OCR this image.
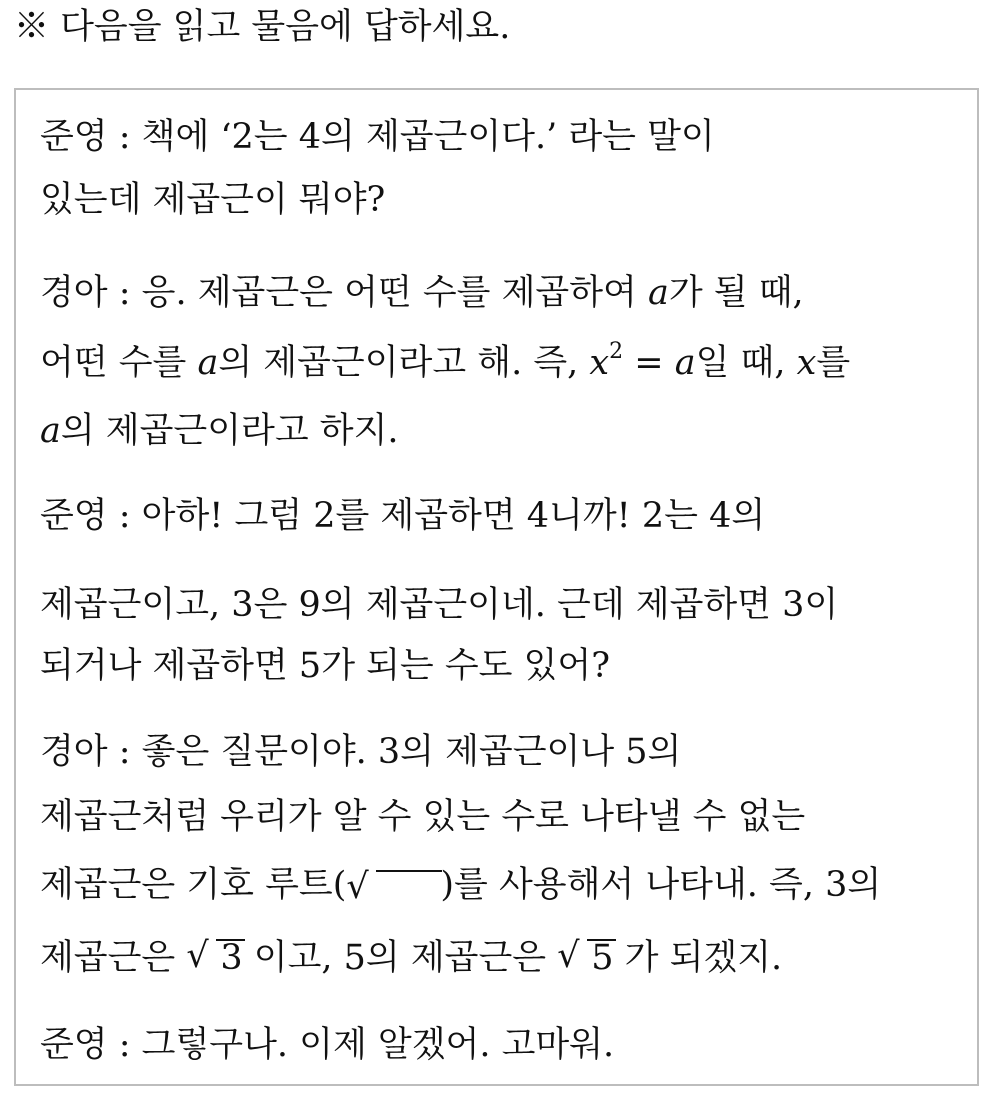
※ 다음을 읽고 물음에 답하세요.
준영 : 책에 ‘2는 4의 제곱근이다.’ 라는 말이
있는데 제곱근이 뭐야?
경아 : 응. 제곱근은 어떤 수를 제곱하여 a가 될 때,
어떤 수를 a의 제곱근이라고 해. 즉, $x^2 = a$일 때, x를
a의 제곱근이라고 하지.
준영 : 아하! 그럼 2를 제곱하면 4니까! 2는 4의
제곱근이고, 3은 9의 제곱근이네. 근데 제곱하면 3이
되거나 제곱하면 5가 되는 수도 있어?
경아 : 좋은 질문이야. 3의 제곱근이나 5의
제곱근처럼 우리가 알 수 있는 수로 나타낼 수 없는
제곱근은 기호 루트( √ )를 사용해서 나타내. 즉, 3의
제곱근은 √ 3 이고, 5의 제곱근은 √ 5 가 되겠지.
준영 : 그렇구나. 이제 알겠어. 고마워.
